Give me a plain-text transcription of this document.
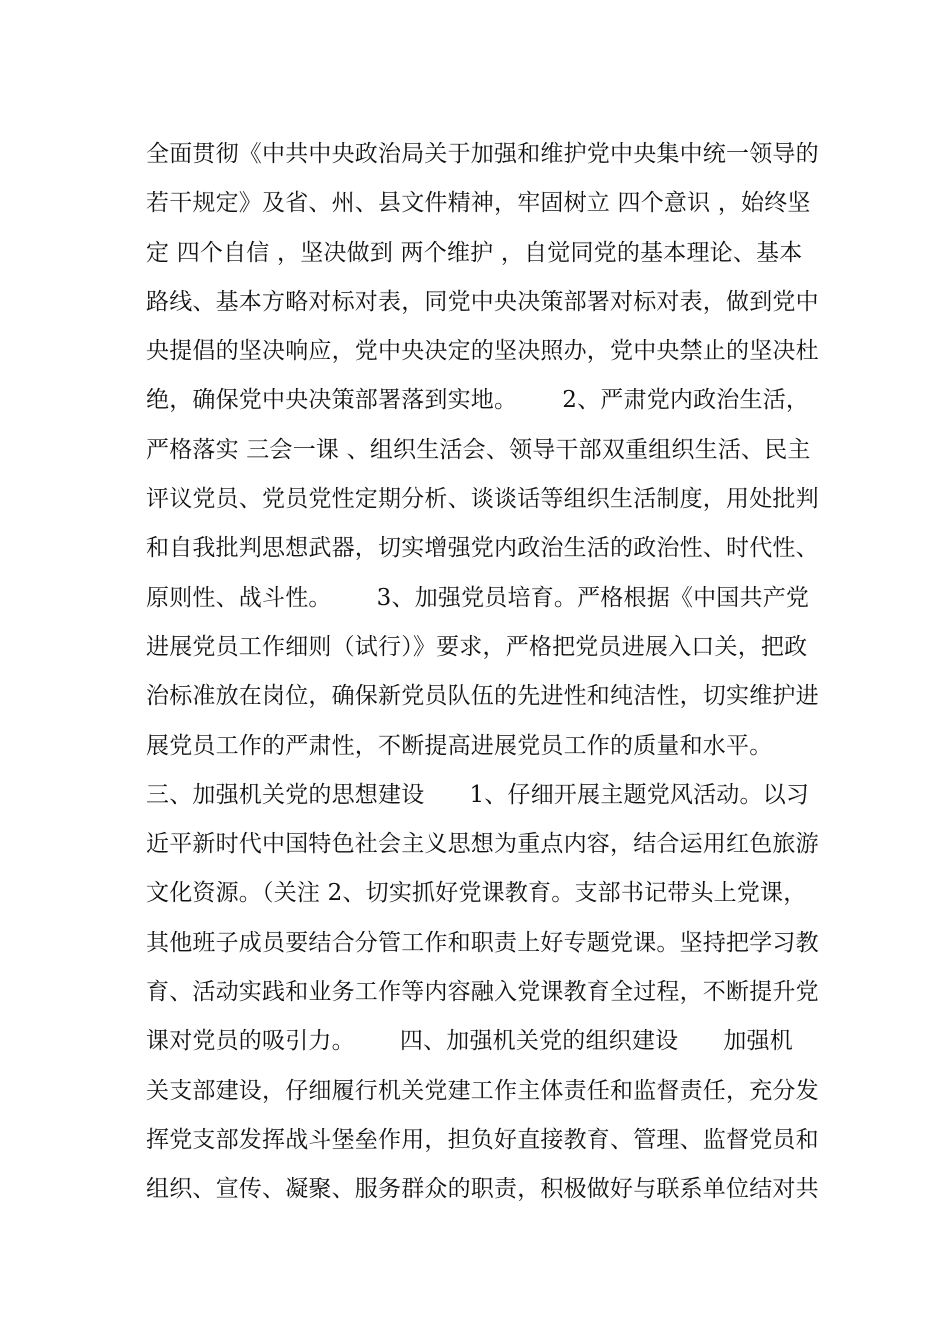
全面贯彻《中共中央政治局关于加强和维护党中央集中统一领导的
若干规定》及省、州、县文件精神，牢固树立 四个意识 ，始终坚
定 四个自信 ，坚决做到 两个维护 ，自觉同党的基本理论、基本
路线、基本方略对标对表，同党中央决策部署对标对表，做到党中
央提倡的坚决响应，党中央决定的坚决照办，党中央禁止的坚决杜
绝，确保党中央决策部署落到实地。      2、严肃党内政治生活，
严格落实 三会一课 、组织生活会、领导干部双重组织生活、民主
评议党员、党员党性定期分析、谈谈话等组织生活制度，用处批判
和自我批判思想武器，切实增强党内政治生活的政治性、时代性、
原则性、战斗性。      3、加强党员培育。严格根据《中国共产党
进展党员工作细则（试行）》要求，严格把党员进展入口关，把政
治标准放在岗位，确保新党员队伍的先进性和纯洁性，切实维护进
展党员工作的严肃性，不断提高进展党员工作的质量和水平。
三、加强机关党的思想建设      1、仔细开展主题党风活动。以习
近平新时代中国特色社会主义思想为重点内容，结合运用红色旅游
文化资源。（关注 2、切实抓好党课教育。支部书记带头上党课，
其他班子成员要结合分管工作和职责上好专题党课。坚持把学习教
育、活动实践和业务工作等内容融入党课教育全过程，不断提升党
课对党员的吸引力。      四、加强机关党的组织建设      加强机
关支部建设，仔细履行机关党建工作主体责任和监督责任，充分发
挥党支部发挥战斗堡垒作用，担负好直接教育、管理、监督党员和
组织、宣传、凝聚、服务群众的职责，积极做好与联系单位结对共
